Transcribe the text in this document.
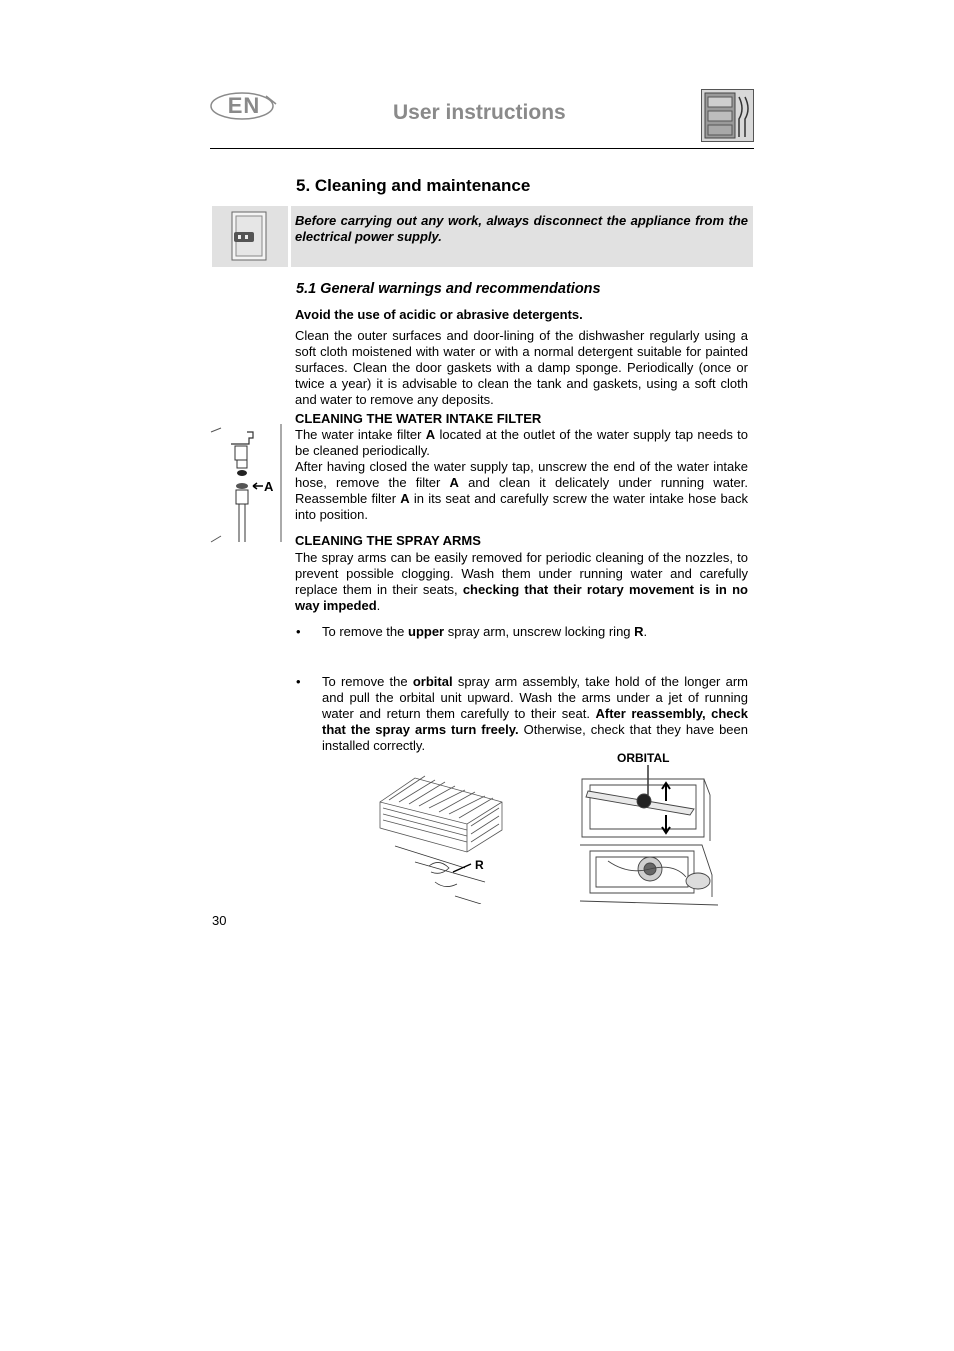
EN	User instructions
5. Cleaning and maintenance
Before carrying out any work, always disconnect the appliance from the electrical power supply.
5.1 General warnings and recommendations
Avoid the use of acidic or abrasive detergents.
Clean the outer surfaces and door-lining of the dishwasher regularly using a soft cloth moistened with water or with a normal detergent suitable for painted surfaces. Clean the door gaskets with a damp sponge. Periodically (once or twice a year) it is advisable to clean the tank and gaskets, using a soft cloth and water to remove any deposits.
CLEANING THE WATER INTAKE FILTER
The water intake filter A located at the outlet of the water supply tap needs to be cleaned periodically.
After having closed the water supply tap, unscrew the end of the water intake hose, remove the filter A and clean it delicately under running water. Reassemble filter A in its seat and carefully screw the water intake hose back into position.
A
CLEANING THE SPRAY ARMS
The spray arms can be easily removed for periodic cleaning of the nozzles, to prevent possible clogging. Wash them under running water and carefully replace them in their seats, checking that their rotary movement is in no way impeded.
• To remove the upper spray arm, unscrew locking ring R.
• To remove the orbital spray arm assembly, take hold of the longer arm and pull the orbital unit upward. Wash the arms under a jet of running water and return them carefully to their seat. After reassembly, check that the spray arms turn freely. Otherwise, check that they have been installed correctly.
R
ORBITAL
30
